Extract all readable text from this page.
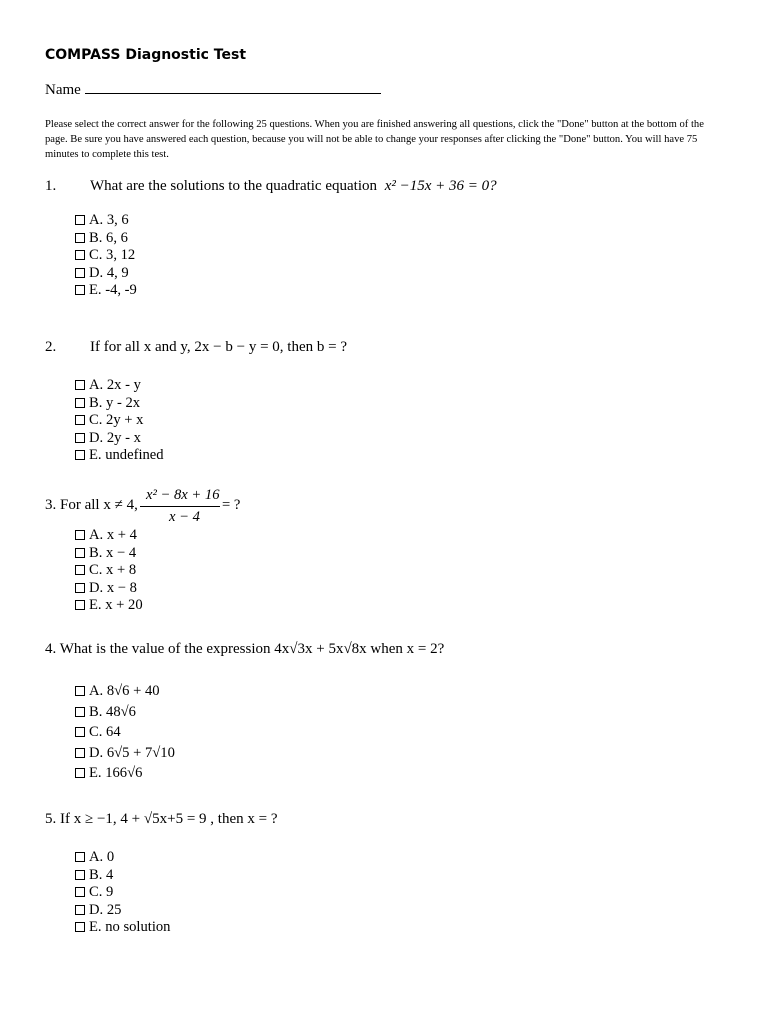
COMPASS Diagnostic Test
Name
Please select the correct answer for the following 25 questions. When you are finished answering all questions, click the "Done" button at the bottom of the page. Be sure you have answered each question, because you will not be able to change your responses after clicking the "Done" button. You will have 75 minutes to complete this test.
1. What are the solutions to the quadratic equation x² −15x + 36 = 0?
A. 3, 6
B. 6, 6
C. 3, 12
D. 4, 9
E. -4, -9
2. If for all x and y, 2x − b − y = 0, then b = ?
A. 2x - y
B. y - 2x
C. 2y + x
D. 2y - x
E. undefined
3. For all x ≠ 4,
x² − 8x + 16
x − 4
= ?
A. x + 4
B. x − 4
C. x + 8
D. x − 8
E. x + 20
4. What is the value of the expression 4x√3x + 5x√8x when x = 2?
A. 8√6 + 40
B. 48√6
C. 64
D. 6√5 + 7√10
E. 166√6
5. If x ≥ −1, 4 + √5x+5 = 9 , then x = ?
A. 0
B. 4
C. 9
D. 25
E. no solution
